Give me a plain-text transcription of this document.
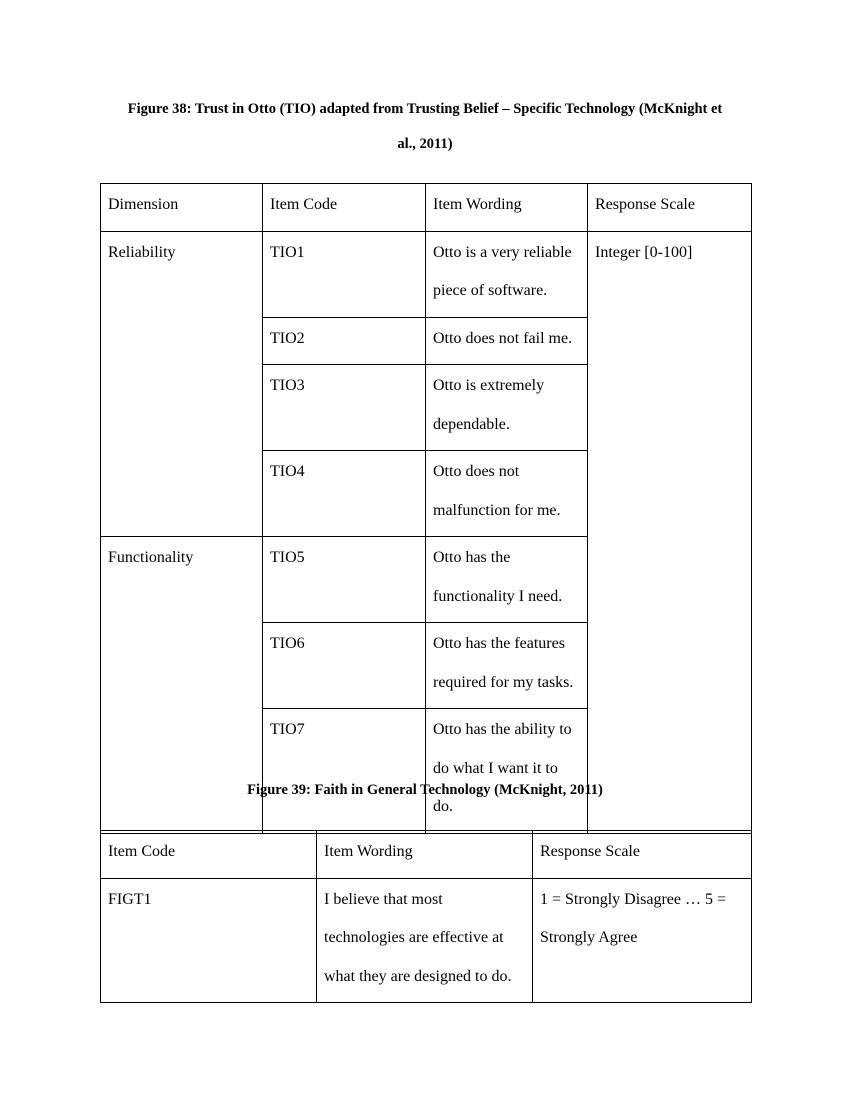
Figure 38: Trust in Otto (TIO) adapted from Trusting Belief – Specific Technology (McKnight et
al., 2011)
Dimension	Item Code	Item Wording	Response Scale
Reliability	TIO1	Otto is a very reliable piece of software.	Integer [0-100]
	TIO2	Otto does not fail me.	
	TIO3	Otto is extremely dependable.	
	TIO4	Otto does not malfunction for me.	
Functionality	TIO5	Otto has the functionality I need.	
	TIO6	Otto has the features required for my tasks.	
	TIO7	Otto has the ability to do what I want it to do.	
Figure 39: Faith in General Technology (McKnight, 2011)
Item Code	Item Wording	Response Scale
FIGT1	I believe that most technologies are effective at what they are designed to do.	1 = Strongly Disagree … 5 = Strongly Agree
